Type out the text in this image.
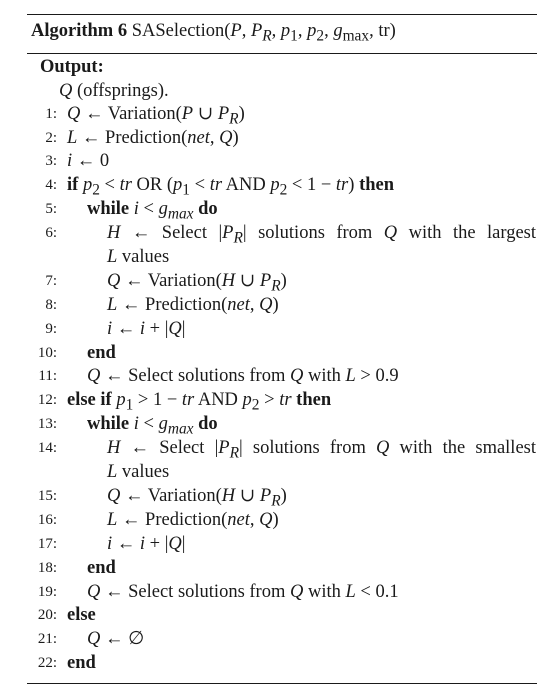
Algorithm 6 SASelection(P, $P_R$, $p_1$, $p_2$, $g_{max}$, tr)
Output:
Q (offsprings).
1: Q ← Variation(P ∪ $P_R$)
2: L ← Prediction(net, Q)
3: i ← 0
4: if $p_2$ < tr OR ($p_1$ < tr AND $p_2 < 1 - tr$) then
5: while $i < g_{max}$ do
6:	H ← Select $|P_R|$ solutions from Q with the largest
L values
7:	Q ← Variation(H ∪ $P_R$)
8:	L ← Prediction(net, Q)
9:	i ← i + |Q|
10: end
11: Q ← Select solutions from Q with L > 0.9
12: else if $p_1 > 1$ − tr AND $p_2$ > tr then
13: while $i < g_{max}$ do
14:	H ← Select $|P_R|$ solutions from Q with the smallest
L values
15:	Q ← Variation(H ∪ $P_R$)
16:	L ← Prediction(net, Q)
17:	i ← i + |Q|
18: end
19: Q ← Select solutions from Q with L < 0.1
20: else
21: Q ← ∅
22: end
